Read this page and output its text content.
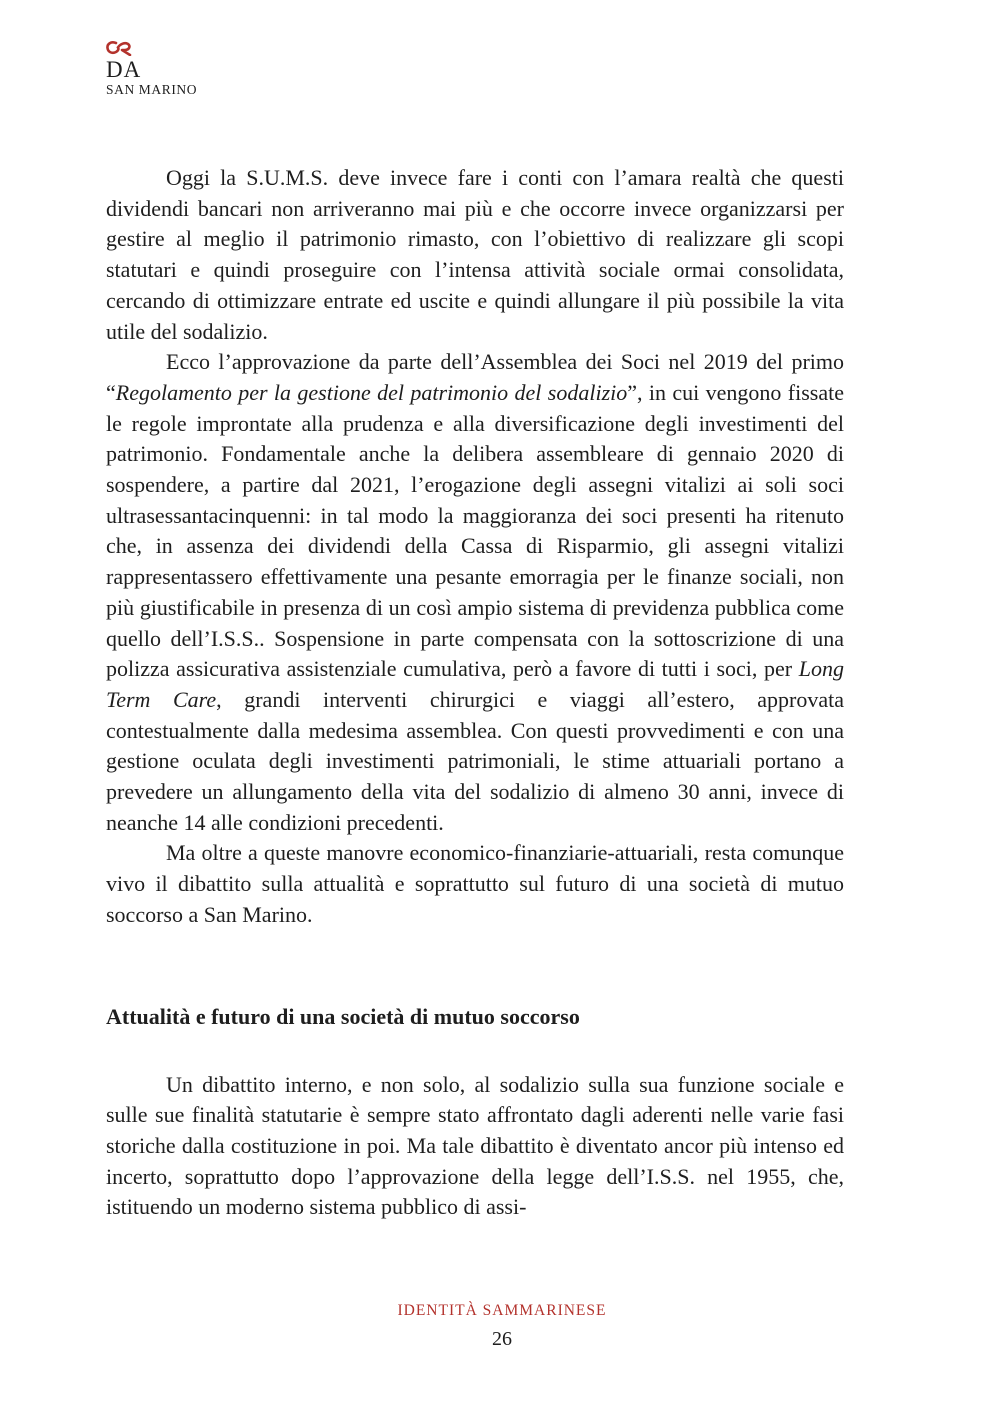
DA
SAN MARINO

Oggi la S.U.M.S. deve invece fare i conti con l’amara realtà che questi dividendi bancari non arriveranno mai più e che occorre invece organizzarsi per gestire al meglio il patrimonio rimasto, con l’obiettivo di realizzare gli scopi statutari e quindi proseguire con l’intensa attività sociale ormai consolidata, cercando di ottimizzare entrate ed uscite e quindi allungare il più possibile la vita utile del sodalizio.

Ecco l’approvazione da parte dell’Assemblea dei Soci nel 2019 del primo “Regolamento per la gestione del patrimonio del sodalizio”, in cui vengono fissate le regole improntate alla prudenza e alla diversificazione degli investimenti del patrimonio. Fondamentale anche la delibera assembleare di gennaio 2020 di sospendere, a partire dal 2021, l’erogazione degli assegni vitalizi ai soli soci ultrasessantacinquenni: in tal modo la maggioranza dei soci presenti ha ritenuto che, in assenza dei dividendi della Cassa di Risparmio, gli assegni vitalizi rappresentassero effettivamente una pesante emorragia per le finanze sociali, non più giustificabile in presenza di un così ampio sistema di previdenza pubblica come quello dell’I.S.S.. Sospensione in parte compensata con la sottoscrizione di una polizza assicurativa assistenziale cumulativa, però a favore di tutti i soci, per Long Term Care, grandi interventi chirurgici e viaggi all’estero, approvata contestualmente dalla medesima assemblea. Con questi provvedimenti e con una gestione oculata degli investimenti patrimoniali, le stime attuariali portano a prevedere un allungamento della vita del sodalizio di almeno 30 anni, invece di neanche 14 alle condizioni precedenti.

Ma oltre a queste manovre economico-finanziarie-attuariali, resta comunque vivo il dibattito sulla attualità e soprattutto sul futuro di una società di mutuo soccorso a San Marino.

Attualità e futuro di una società di mutuo soccorso

Un dibattito interno, e non solo, al sodalizio sulla sua funzione sociale e sulle sue finalità statutarie è sempre stato affrontato dagli aderenti nelle varie fasi storiche dalla costituzione in poi. Ma tale dibattito è diventato ancor più intenso ed incerto, soprattutto dopo l’approvazione della legge dell’I.S.S. nel 1955, che, istituendo un moderno sistema pubblico di assi-

IDENTITÀ SAMMARINESE
26
